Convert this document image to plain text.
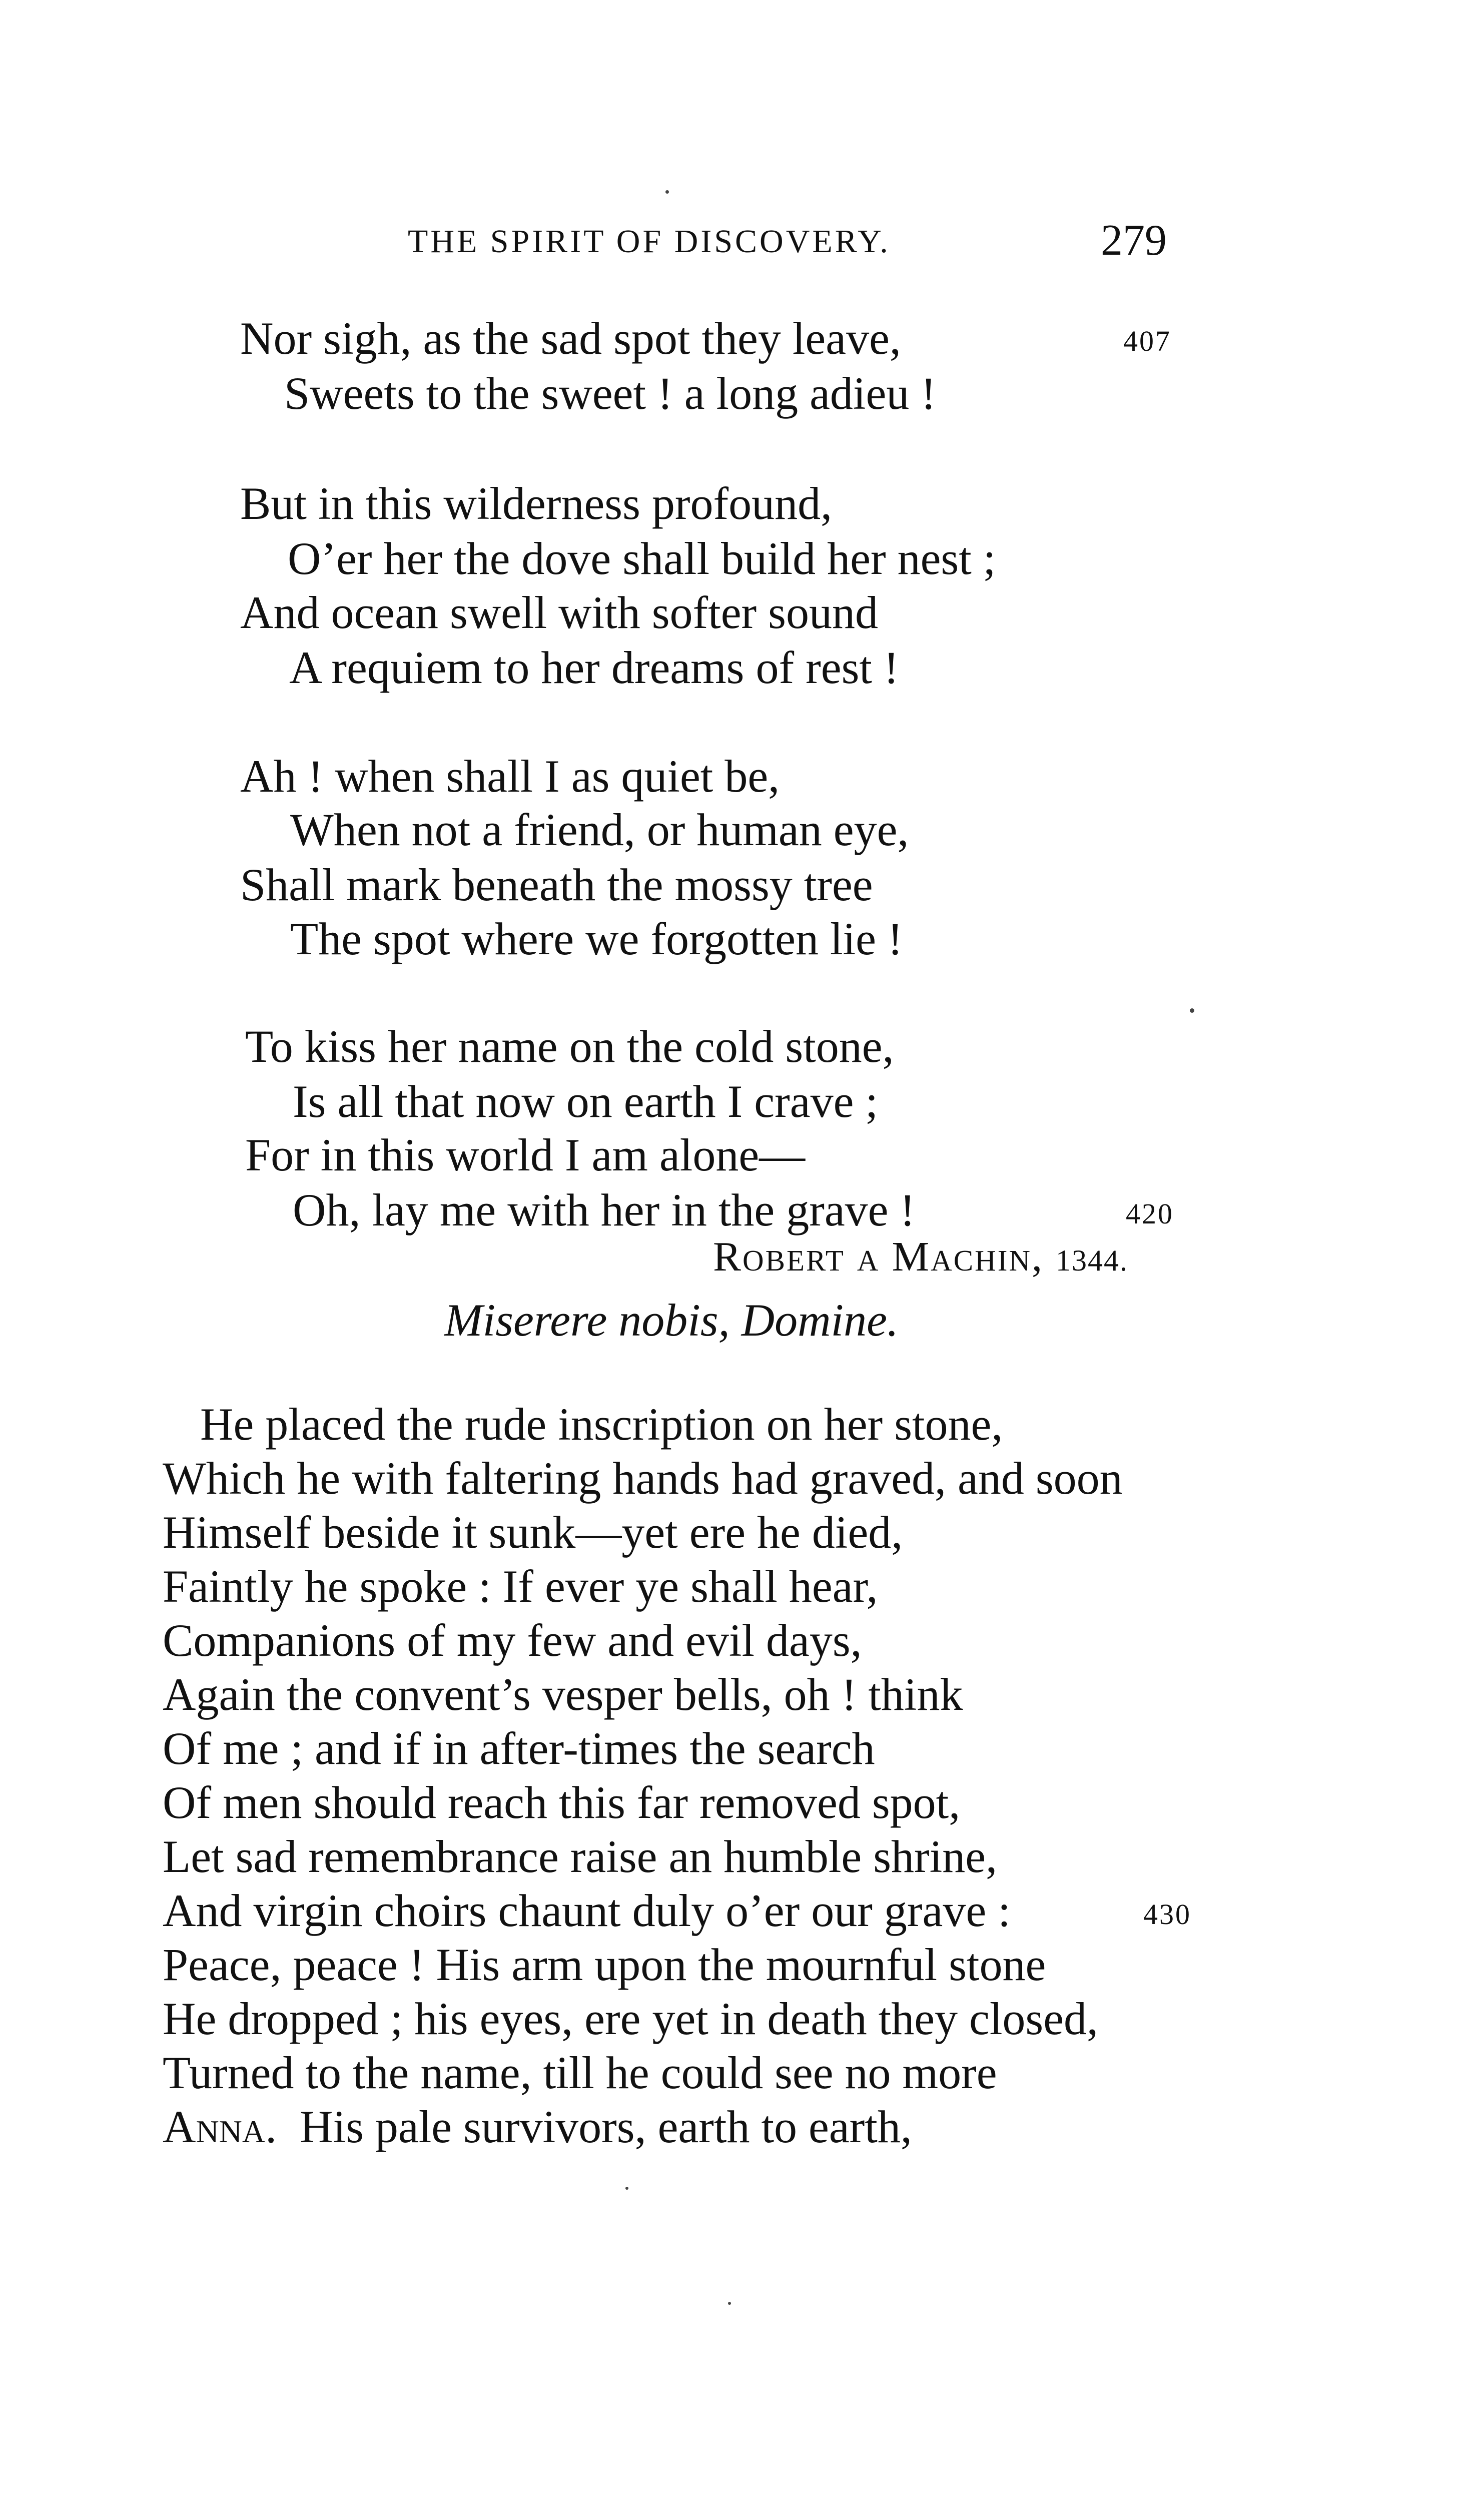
THE SPIRIT OF DISCOVERY.	279
Nor sigh, as the sad spot they leave,	407
Sweets to the sweet ! a long adieu !
But in this wilderness profound,
O’er her the dove shall build her nest ;
And ocean swell with softer sound
A requiem to her dreams of rest !
Ah ! when shall I as quiet be,
When not a friend, or human eye,
Shall mark beneath the mossy tree
The spot where we forgotten lie !
To kiss her name on the cold stone,
Is all that now on earth I crave ;
For in this world I am alone—
Oh, lay me with her in the grave !	420
Robert a Machin, 1344.
Miserere nobis, Domine.
He placed the rude inscription on her stone,
Which he with faltering hands had graved, and soon
Himself beside it sunk—yet ere he died,
Faintly he spoke : If ever ye shall hear,
Companions of my few and evil days,
Again the convent’s vesper bells, oh ! think
Of me ; and if in after-times the search
Of men should reach this far removed spot,
Let sad remembrance raise an humble shrine,
And virgin choirs chaunt duly o’er our grave :	430
Peace, peace ! His arm upon the mournful stone
He dropped ; his eyes, ere yet in death they closed,
Turned to the name, till he could see no more
Anna. His pale survivors, earth to earth,
